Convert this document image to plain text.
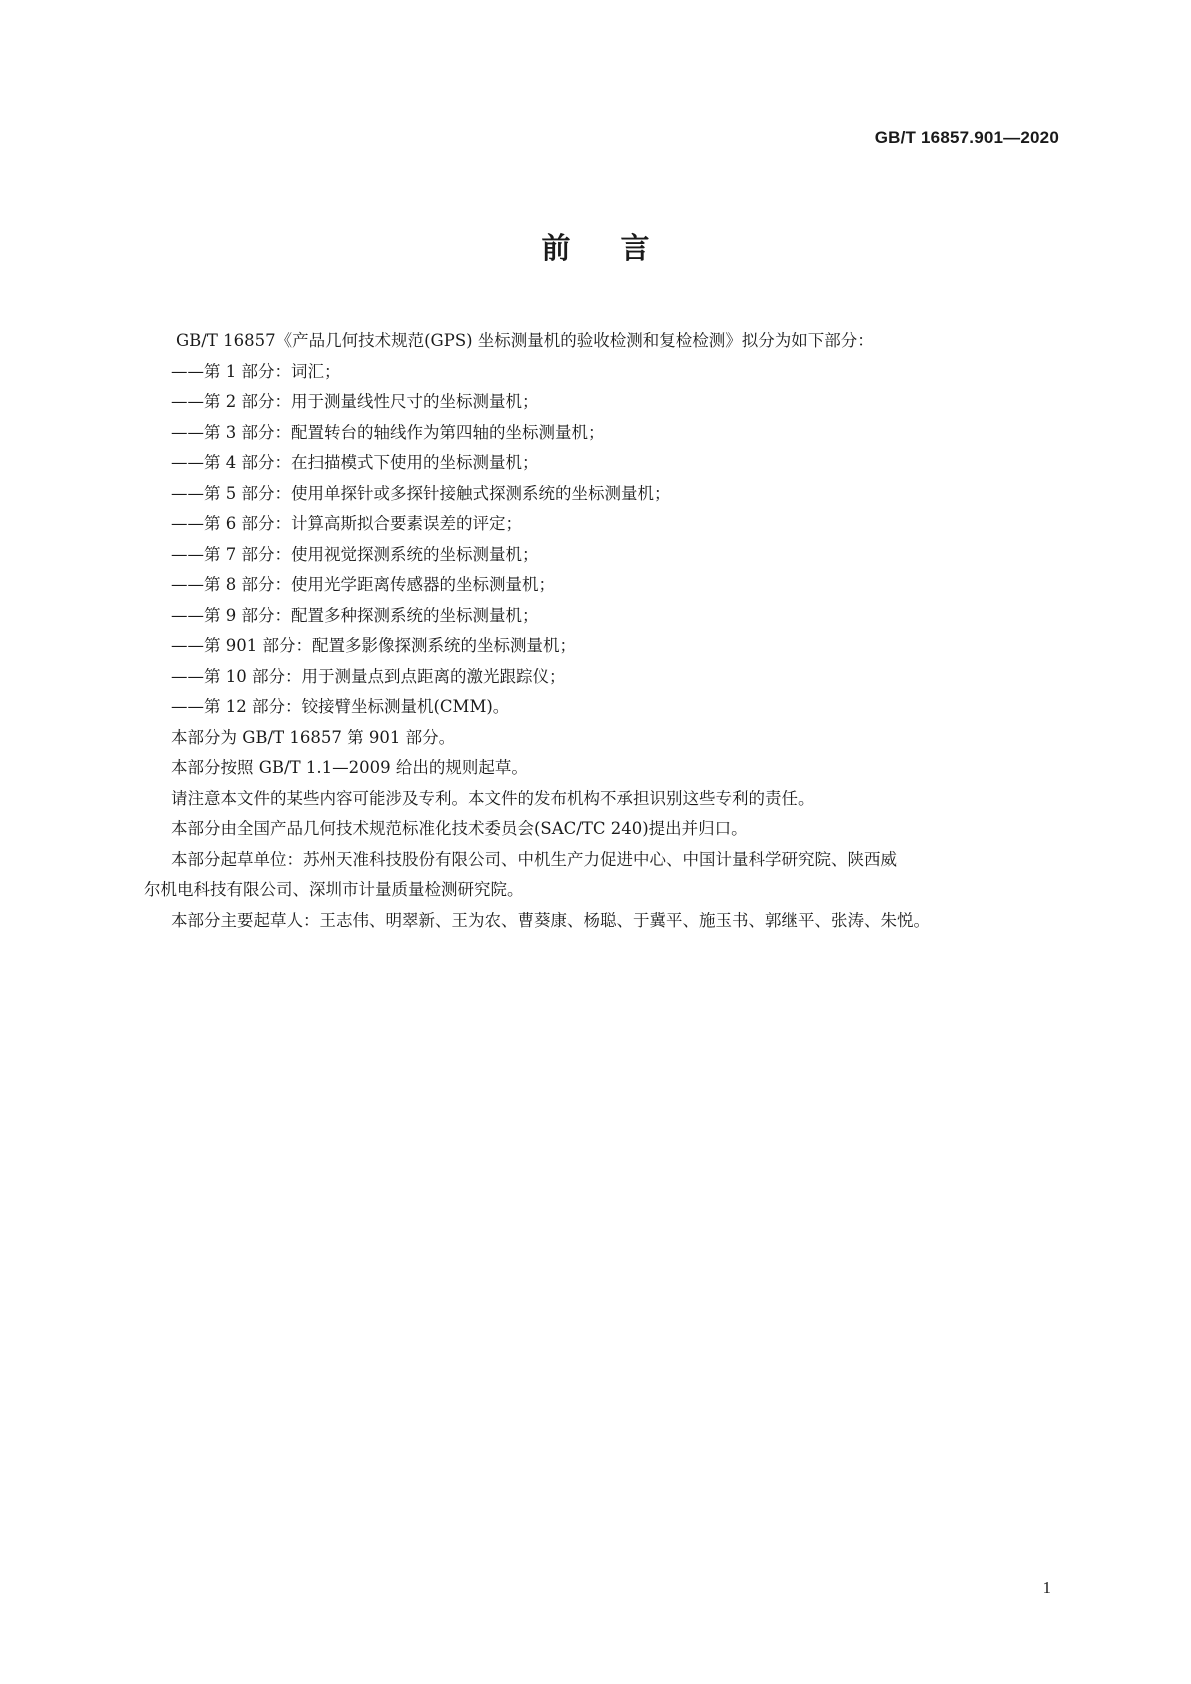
GB/T 16857.901—2020
前言
GB/T 16857《产品几何技术规范(GPS) 坐标测量机的验收检测和复检检测》拟分为如下部分：
——第 1 部分：词汇；
——第 2 部分：用于测量线性尺寸的坐标测量机；
——第 3 部分：配置转台的轴线作为第四轴的坐标测量机；
——第 4 部分：在扫描模式下使用的坐标测量机；
——第 5 部分：使用单探针或多探针接触式探测系统的坐标测量机；
——第 6 部分：计算高斯拟合要素误差的评定；
——第 7 部分：使用视觉探测系统的坐标测量机；
——第 8 部分：使用光学距离传感器的坐标测量机；
——第 9 部分：配置多种探测系统的坐标测量机；
——第 901 部分：配置多影像探测系统的坐标测量机；
——第 10 部分：用于测量点到点距离的激光跟踪仪；
——第 12 部分：铰接臂坐标测量机(CMM)。
本部分为 GB/T 16857 第 901 部分。
本部分按照 GB/T 1.1—2009 给出的规则起草。
请注意本文件的某些内容可能涉及专利。本文件的发布机构不承担识别这些专利的责任。
本部分由全国产品几何技术规范标准化技术委员会(SAC/TC 240)提出并归口。
本部分起草单位：苏州天准科技股份有限公司、中机生产力促进中心、中国计量科学研究院、陕西威
尔机电科技有限公司、深圳市计量质量检测研究院。
本部分主要起草人：王志伟、明翠新、王为农、曹葵康、杨聪、于冀平、施玉书、郭继平、张涛、朱悦。
1
